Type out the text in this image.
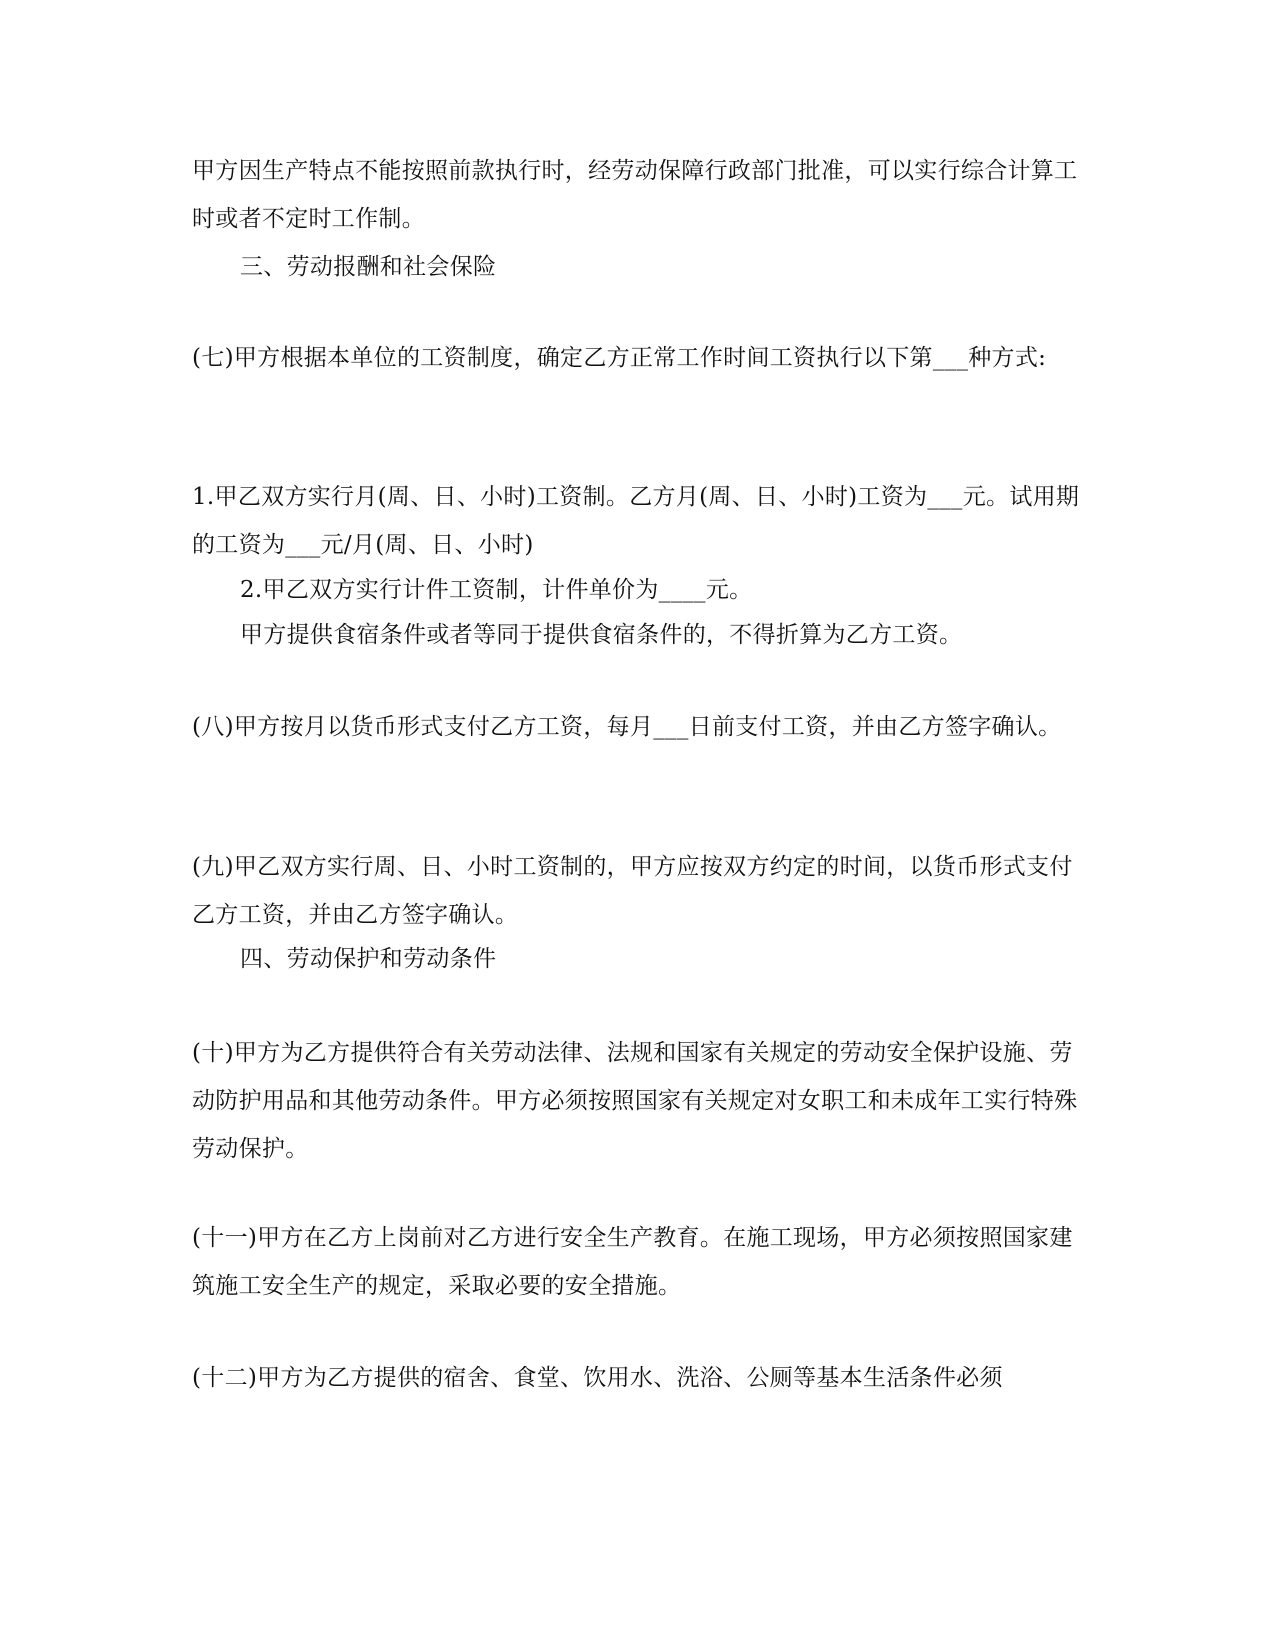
甲方因生产特点不能按照前款执行时，经劳动保障行政部门批准，可以实行综合计算工时或者不定时工作制。

三、劳动报酬和社会保险

(七)甲方根据本单位的工资制度，确定乙方正常工作时间工资执行以下第___种方式:

1.甲乙双方实行月(周、日、小时)工资制。乙方月(周、日、小时)工资为___元。试用期的工资为___元/月(周、日、小时)

2.甲乙双方实行计件工资制，计件单价为____元。

甲方提供食宿条件或者等同于提供食宿条件的，不得折算为乙方工资。

(八)甲方按月以货币形式支付乙方工资，每月___日前支付工资，并由乙方签字确认。

(九)甲乙双方实行周、日、小时工资制的，甲方应按双方约定的时间，以货币形式支付乙方工资，并由乙方签字确认。

四、劳动保护和劳动条件

(十)甲方为乙方提供符合有关劳动法律、法规和国家有关规定的劳动安全保护设施、劳动防护用品和其他劳动条件。甲方必须按照国家有关规定对女职工和未成年工实行特殊劳动保护。

(十一)甲方在乙方上岗前对乙方进行安全生产教育。在施工现场，甲方必须按照国家建筑施工安全生产的规定，采取必要的安全措施。

(十二)甲方为乙方提供的宿舍、食堂、饮用水、洗浴、公厕等基本生活条件必须
